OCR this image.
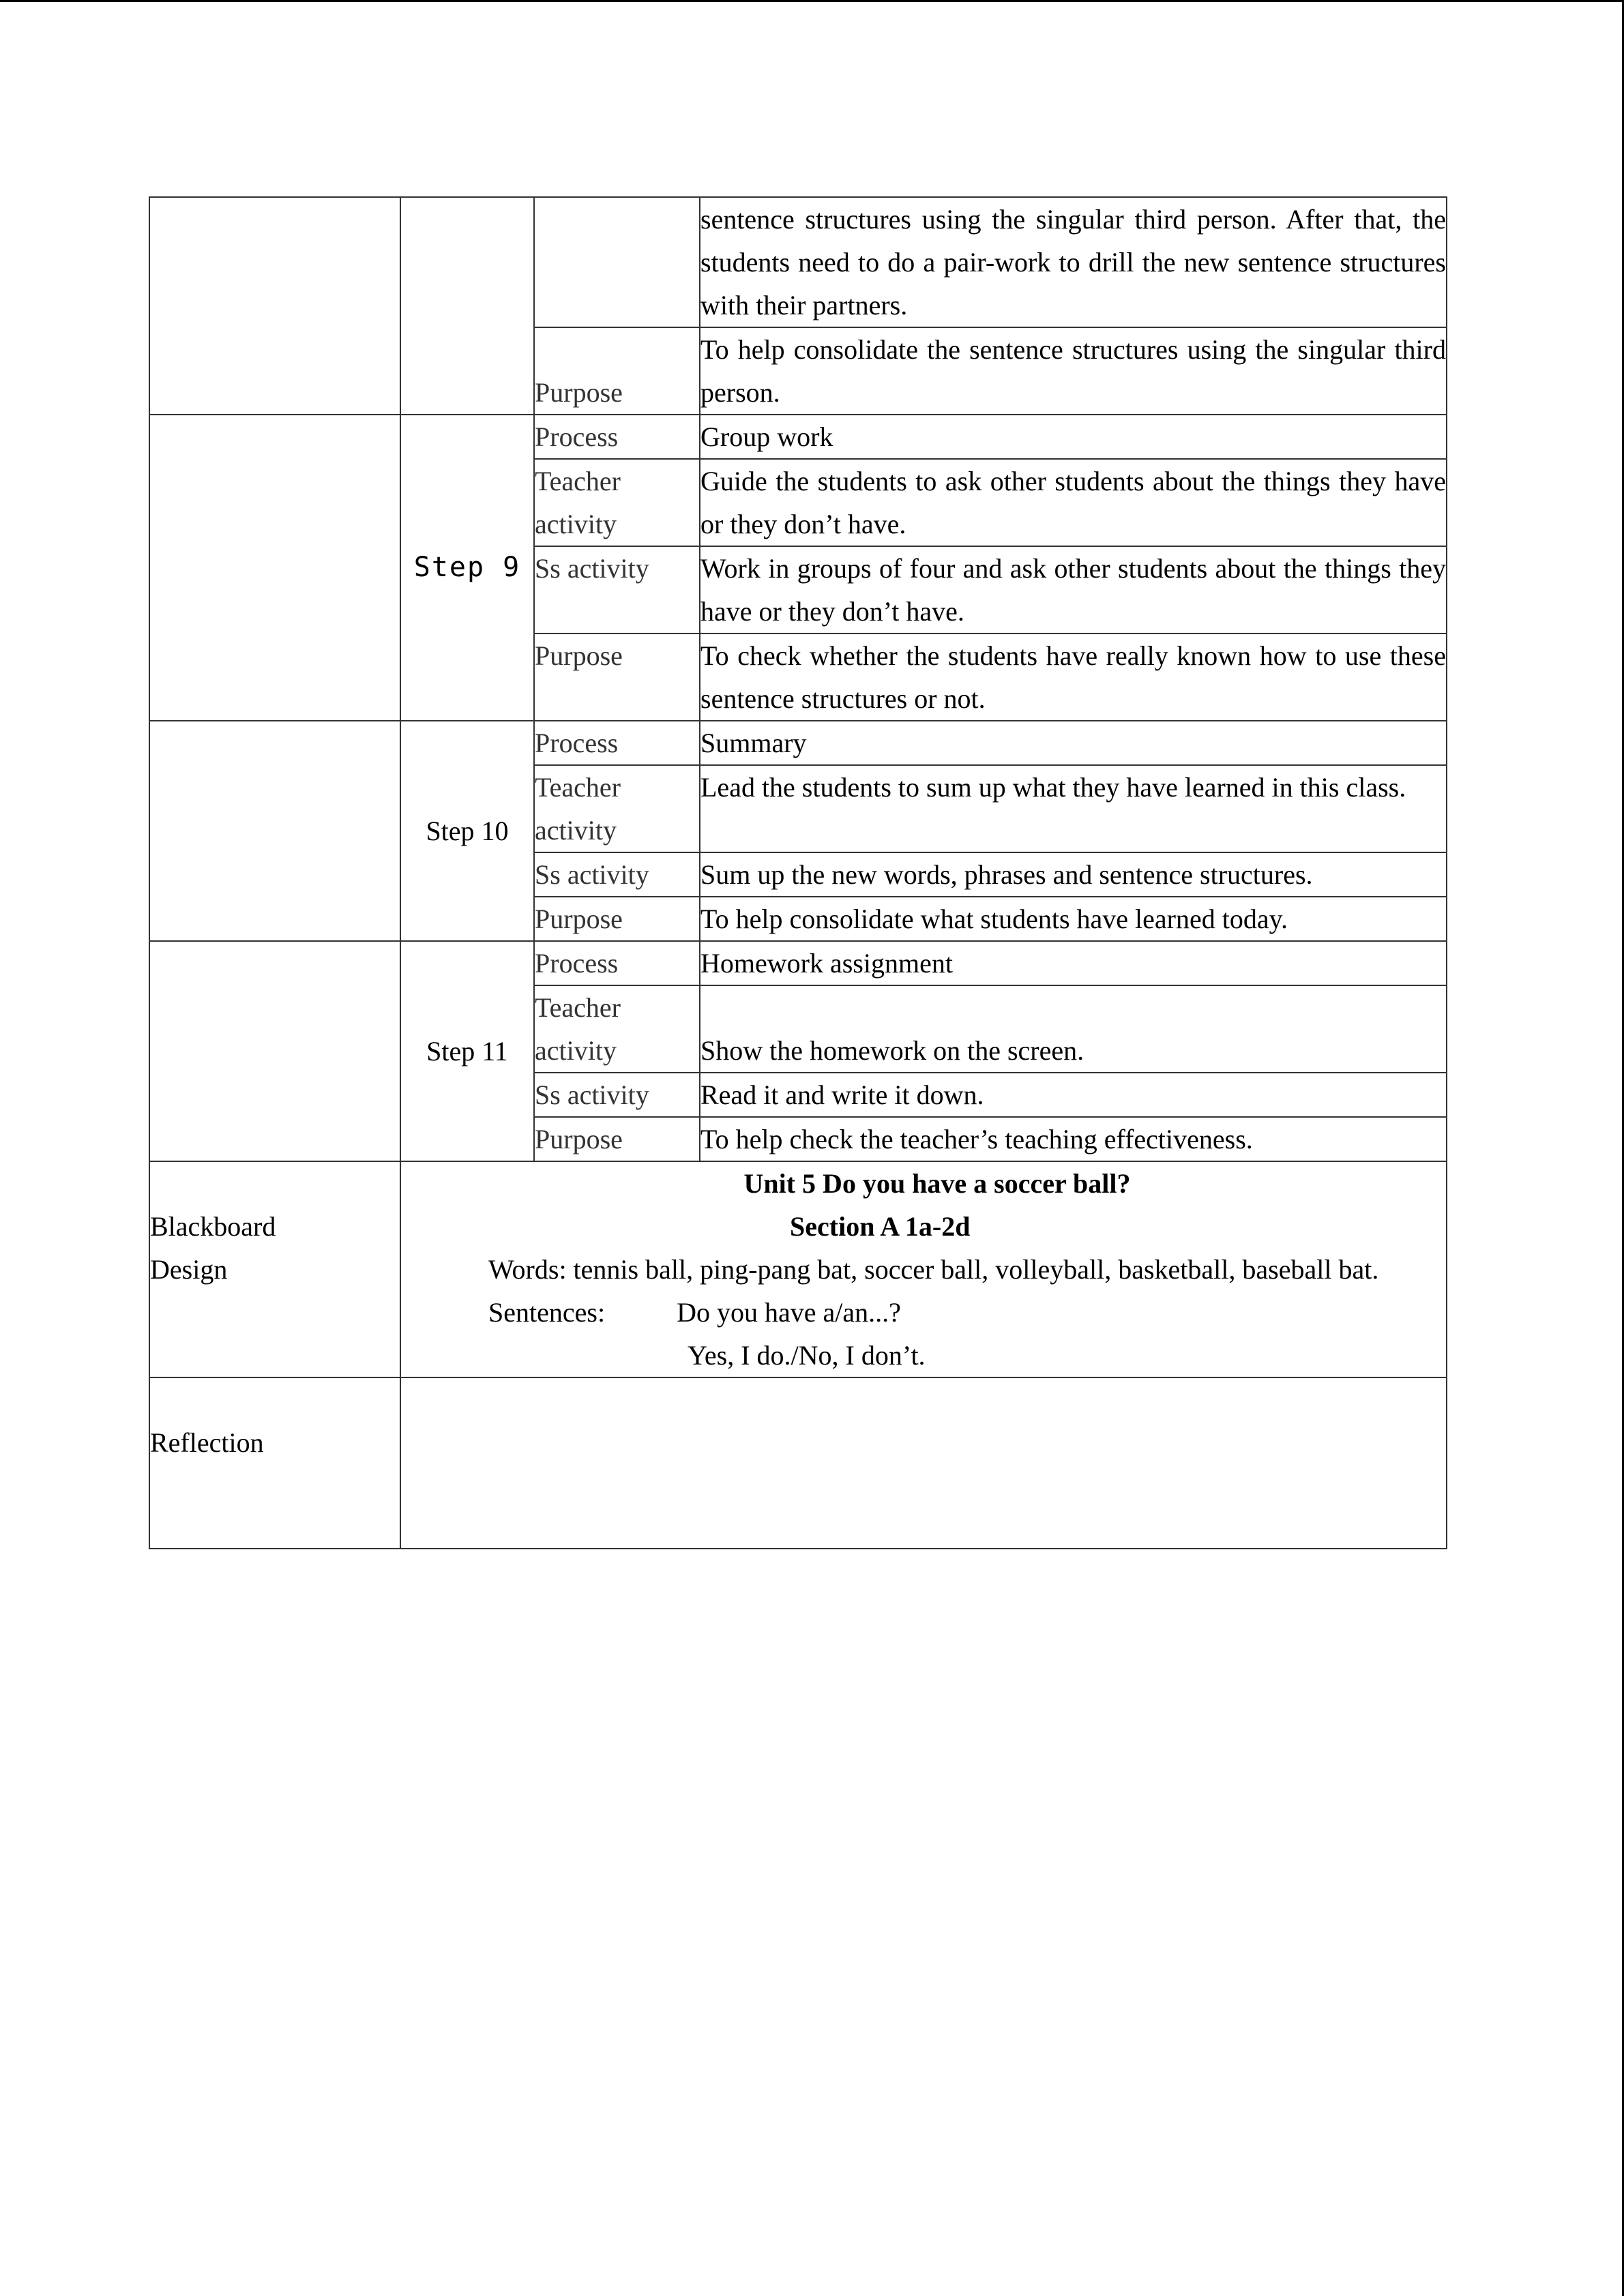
			sentence structures using the singular third person. After that, the students need to do a pair-work to drill the new sentence structures with their partners.
		Purpose	To help consolidate the sentence structures using the singular third person.
	Step 9	Process	Group work
		Teacher activity	Guide the students to ask other students about the things they have or they don’t have.
		Ss activity	Work in groups of four and ask other students about the things they have or they don’t have.
		Purpose	To check whether the students have really known how to use these sentence structures or not.
	Step 10	Process	Summary
		Teacher activity	Lead the students to sum up what they have learned in this class.
		Ss activity	Sum up the new words, phrases and sentence structures.
		Purpose	To help consolidate what students have learned today.
	Step 11	Process	Homework assignment
		Teacher activity	Show the homework on the screen.
		Ss activity	Read it and write it down.
		Purpose	To help check the teacher’s teaching effectiveness.

Blackboard Design	Unit 5 Do you have a soccer ball?
Section A 1a-2d
Words: tennis ball, ping-pang bat, soccer ball, volleyball, basketball, baseball bat.
Sentences: Do you have a/an...?
Yes, I do./No, I don’t.		

Reflection			
